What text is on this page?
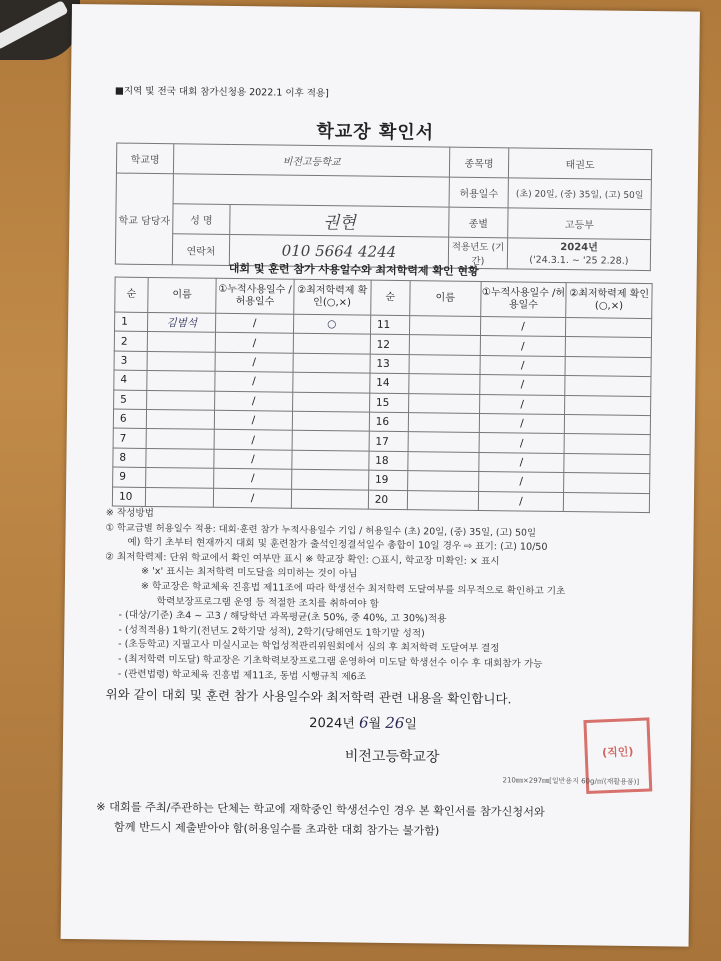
■지역 및 전국 대회 참가신청용 2022.1 이후 적용]
학교장 확인서
학교명	비전고등학교		종목명	태권도
학교 담당자			허용일수	(초) 20일, (중) 35일, (고) 50일
	성 명	권현	종별	고등부
	연락처	010 5664 4244	적용년도 (기간)	2024년
('24.3.1. ~ '25 2.28.)
대회 및 훈련 참가 사용일수와 최저학력제 확인 현황
순	이름	①누적사용일수 /허용일수	②최저학력제 확인(○,×)	순	이름	①누적사용일수 /허용일수	②최저학력제 확인(○,×)
1	김범석	/	○	11		/	
2		/		12		/	
3		/		13		/	
4		/		14		/	
5		/		15		/	
6		/		16		/	
7		/		17		/	
8		/		18		/	
9		/		19		/	
10		/		20		/	
※ 작성방법
① 학교급별 허용일수 적용: 대회·훈련 참가 누적사용일수 기입 / 허용일수 (초) 20일, (중) 35일, (고) 50일
예) 학기 초부터 현재까지 대회 및 훈련참가 출석인정결석일수 총합이 10일 경우 ⇨ 표기: (고) 10/50
② 최저학력제: 단위 학교에서 확인 여부만 표시 ※ 학교장 확인: ○표시, 학교장 미확인: × 표시
※ 'x' 표시는 최저학력 미도달을 의미하는 것이 아님
※ 학교장은 학교체육 진흥법 제11조에 따라 학생선수 최저학력 도달여부를 의무적으로 확인하고 기초
학력보장프로그램 운영 등 적절한 조치를 취하여야 함
- (대상/기준) 초4 ~ 고3 / 해당학년 과목평균(초 50%, 중 40%, 고 30%)적용
- (성적적용) 1학기(전년도 2학기말 성적), 2학기(당해연도 1학기말 성적)
- (초등학교) 지필고사 미실시교는 학업성적관리위원회에서 심의 후 최저학력 도달여부 결정
- (최저학력 미도달) 학교장은 기초학력보장프로그램 운영하여 미도달 학생선수 이수 후 대회참가 가능
- (관련법령) 학교체육 진흥법 제11조, 동법 시행규칙 제6조
위와 같이 대회 및 훈련 참가 사용일수와 최저학력 관련 내용을 확인합니다.
2024년 6월 26일
비전고등학교장	(직인)
210㎜×297㎜[일반용지 60g/㎡(재활용품)]
※ 대회를 주최/주관하는 단체는 학교에 재학중인 학생선수인 경우 본 확인서를 참가신청서와
함께 반드시 제출받아야 함(허용일수를 초과한 대회 참가는 불가함)
